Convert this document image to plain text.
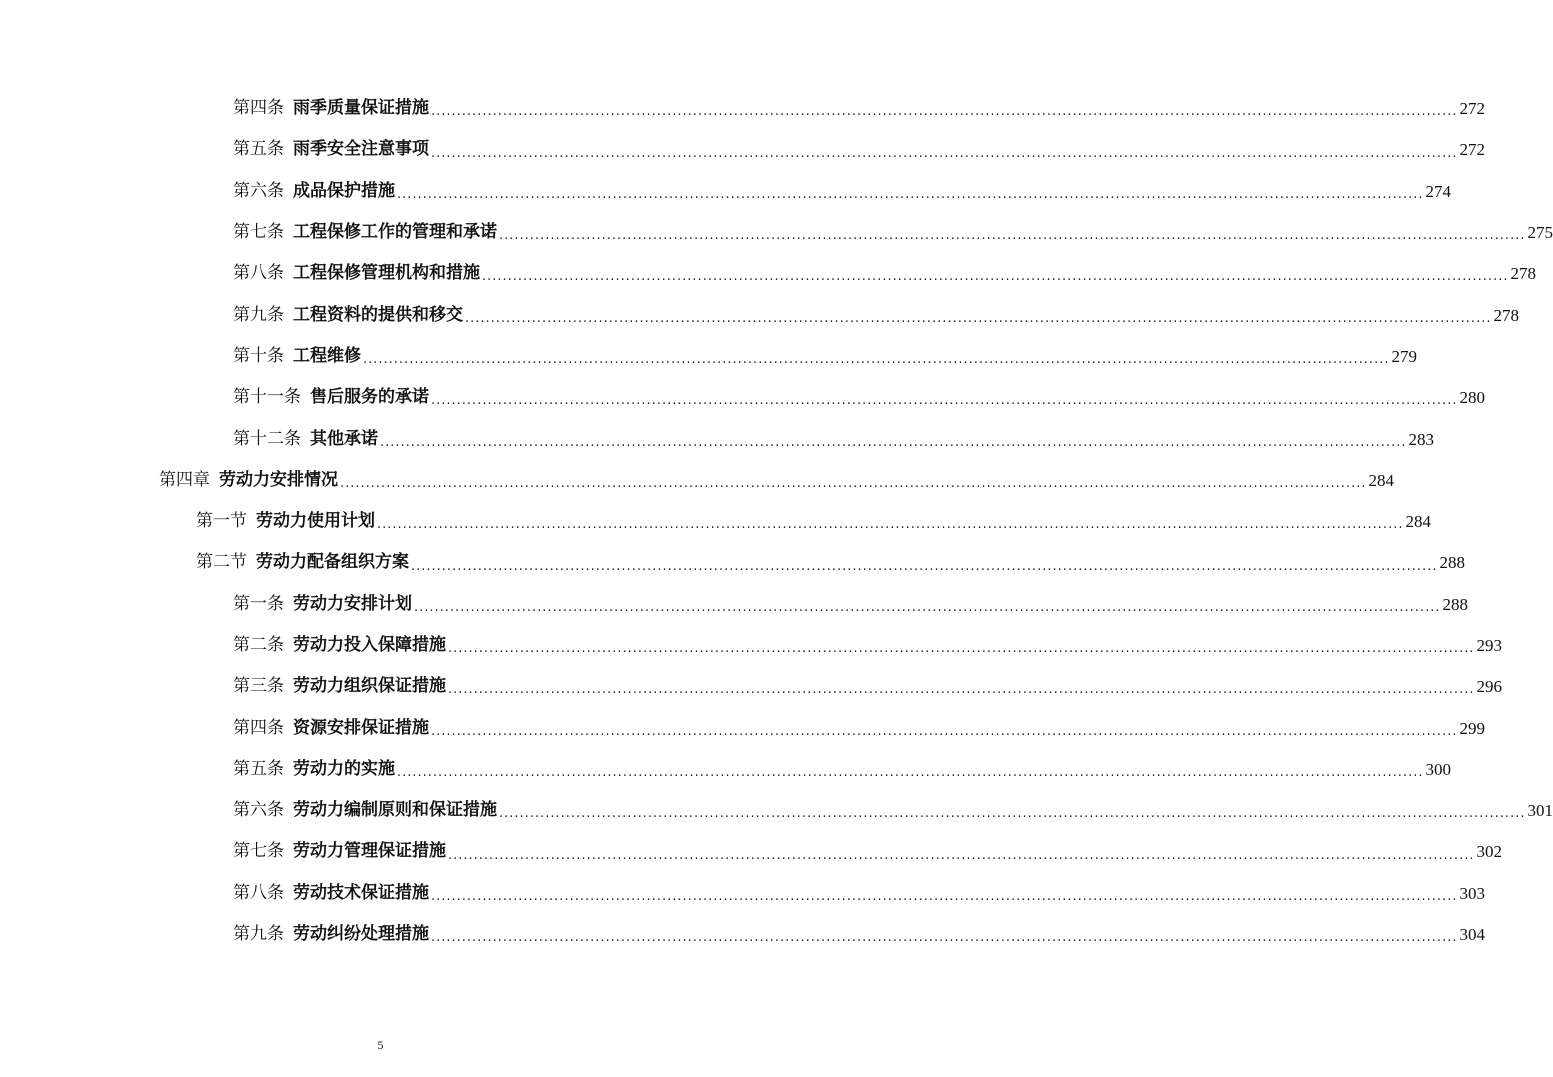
第四条 雨季质量保证措施 ........................................................................................................................................................................................................ 272
第五条 雨季安全注意事项 ........................................................................................................................................................................................................ 272
第六条 成品保护措施 ........................................................................................................................................................................................................ 274
第七条 工程保修工作的管理和承诺 ........................................................................................................................................................................................................ 275
第八条 工程保修管理机构和措施 ........................................................................................................................................................................................................ 278
第九条 工程资料的提供和移交 ........................................................................................................................................................................................................ 278
第十条 工程维修 ........................................................................................................................................................................................................ 279
第十一条 售后服务的承诺 ........................................................................................................................................................................................................ 280
第十二条 其他承诺 ........................................................................................................................................................................................................ 283
第四章 劳动力安排情况 ........................................................................................................................................................................................................ 284
第一节 劳动力使用计划 ........................................................................................................................................................................................................ 284
第二节 劳动力配备组织方案 ........................................................................................................................................................................................................ 288
第一条 劳动力安排计划 ........................................................................................................................................................................................................ 288
第二条 劳动力投入保障措施 ........................................................................................................................................................................................................ 293
第三条 劳动力组织保证措施 ........................................................................................................................................................................................................ 296
第四条 资源安排保证措施 ........................................................................................................................................................................................................ 299
第五条 劳动力的实施 ........................................................................................................................................................................................................ 300
第六条 劳动力编制原则和保证措施 ........................................................................................................................................................................................................ 301
第七条 劳动力管理保证措施 ........................................................................................................................................................................................................ 302
第八条 劳动技术保证措施 ........................................................................................................................................................................................................ 303
第九条 劳动纠纷处理措施 ........................................................................................................................................................................................................ 304
5
